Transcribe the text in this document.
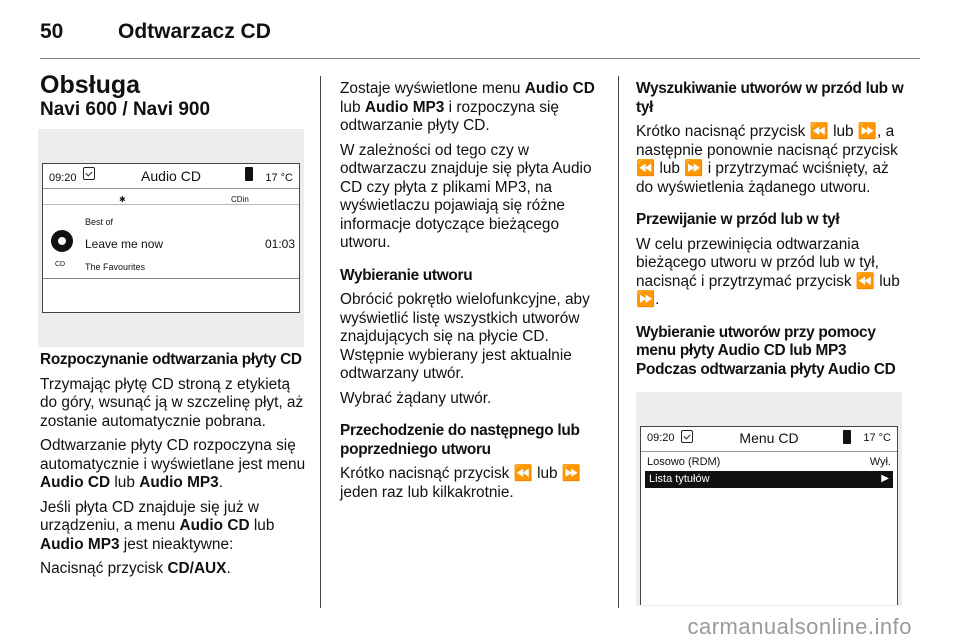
50	Odtwarzacz CD

Obsługa

Navi 600 / Navi 900

09:20	Audio CD	17 °C
✱	CDin
Best of
Leave me now	01:03
CD The Favourites

Rozpoczynanie odtwarzania płyty CD

Trzymając płytę CD stroną z etykietą do góry, wsunąć ją w szczelinę płyt, aż zostanie automatycznie pobrana.

Odtwarzanie płyty CD rozpoczyna się automatycznie i wyświetlane jest menu Audio CD lub Audio MP3.

Jeśli płyta CD znajduje się już w urządzeniu, a menu Audio CD lub Audio MP3 jest nieaktywne:

Nacisnąć przycisk CD/AUX.

Zostaje wyświetlone menu Audio CD lub Audio MP3 i rozpoczyna się odtwarzanie płyty CD.

W zależności od tego czy w odtwarzaczu znajduje się płyta Audio CD czy płyta z plikami MP3, na wyświetlaczu pojawiają się różne informacje dotyczące bieżącego utworu.

Wybieranie utworu

Obrócić pokrętło wielofunkcyjne, aby wyświetlić listę wszystkich utworów znajdujących się na płycie CD. Wstępnie wybierany jest aktualnie odtwarzany utwór.

Wybrać żądany utwór.

Przechodzenie do następnego lub poprzedniego utworu

Krótko nacisnąć przycisk ⏪ lub ⏩ jeden raz lub kilkakrotnie.

Wyszukiwanie utworów w przód lub w tył

Krótko nacisnąć przycisk ⏪ lub ⏩, a następnie ponownie nacisnąć przycisk ⏪ lub ⏩ i przytrzymać wciśnięty, aż do wyświetlenia żądanego utworu.

Przewijanie w przód lub w tył

W celu przewinięcia odtwarzania bieżącego utworu w przód lub w tył, nacisnąć i przytrzymać przycisk ⏪ lub ⏩.

Wybieranie utworów przy pomocy menu płyty Audio CD lub MP3

Podczas odtwarzania płyty Audio CD

09:20	Menu CD	17 °C
Losowo (RDM)	Wył.
Lista tytułów	▶
carmanualsonline.info
